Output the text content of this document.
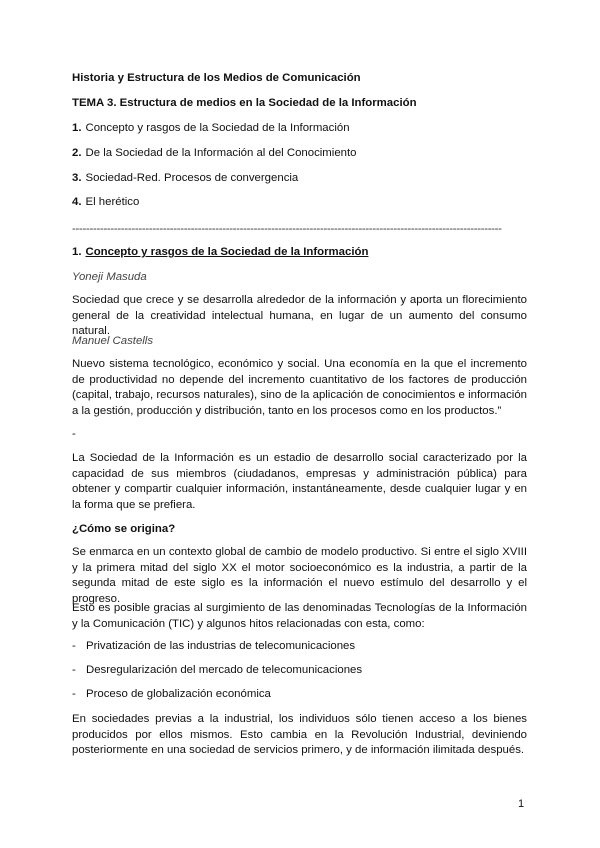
Historia y Estructura de los Medios de Comunicación
TEMA 3. Estructura de medios en la Sociedad de la Información
1. Concepto y rasgos de la Sociedad de la Información
2. De la Sociedad de la Información al del Conocimiento
3. Sociedad-Red. Procesos de convergencia
4. El herético
---------------------------------------------------------------------------------------------------------------------------
1. Concepto y rasgos de la Sociedad de la Información
Yoneji Masuda

Sociedad que crece y se desarrolla alrededor de la información y aporta un florecimiento general de la creatividad intelectual humana, en lugar de un aumento del consumo natural.

Manuel Castells

Nuevo sistema tecnológico, económico y social. Una economía en la que el incremento de productividad no depende del incremento cuantitativo de los factores de producción (capital, trabajo, recursos naturales), sino de la aplicación de conocimientos e información a la gestión, producción y distribución, tanto en los procesos como en los productos.”

-

La Sociedad de la Información es un estadio de desarrollo social caracterizado por la capacidad de sus miembros (ciudadanos, empresas y administración pública) para obtener y compartir cualquier información, instantáneamente, desde cualquier lugar y en la forma que se prefiera.

¿Cómo se origina?

Se enmarca en un contexto global de cambio de modelo productivo. Si entre el siglo XVIII y la primera mitad del siglo XX el motor socioeconómico es la industria, a partir de la segunda mitad de este siglo es la información el nuevo estímulo del desarrollo y el progreso.

Esto es posible gracias al surgimiento de las denominadas Tecnologías de la Información y la Comunicación (TIC) y algunos hitos relacionadas con esta, como:

- Privatización de las industrias de telecomunicaciones
- Desregularización del mercado de telecomunicaciones
- Proceso de globalización económica

En sociedades previas a la industrial, los individuos sólo tienen acceso a los bienes producidos por ellos mismos. Esto cambia en la Revolución Industrial, deviniendo posteriormente en una sociedad de servicios primero, y de información ilimitada después.

1
